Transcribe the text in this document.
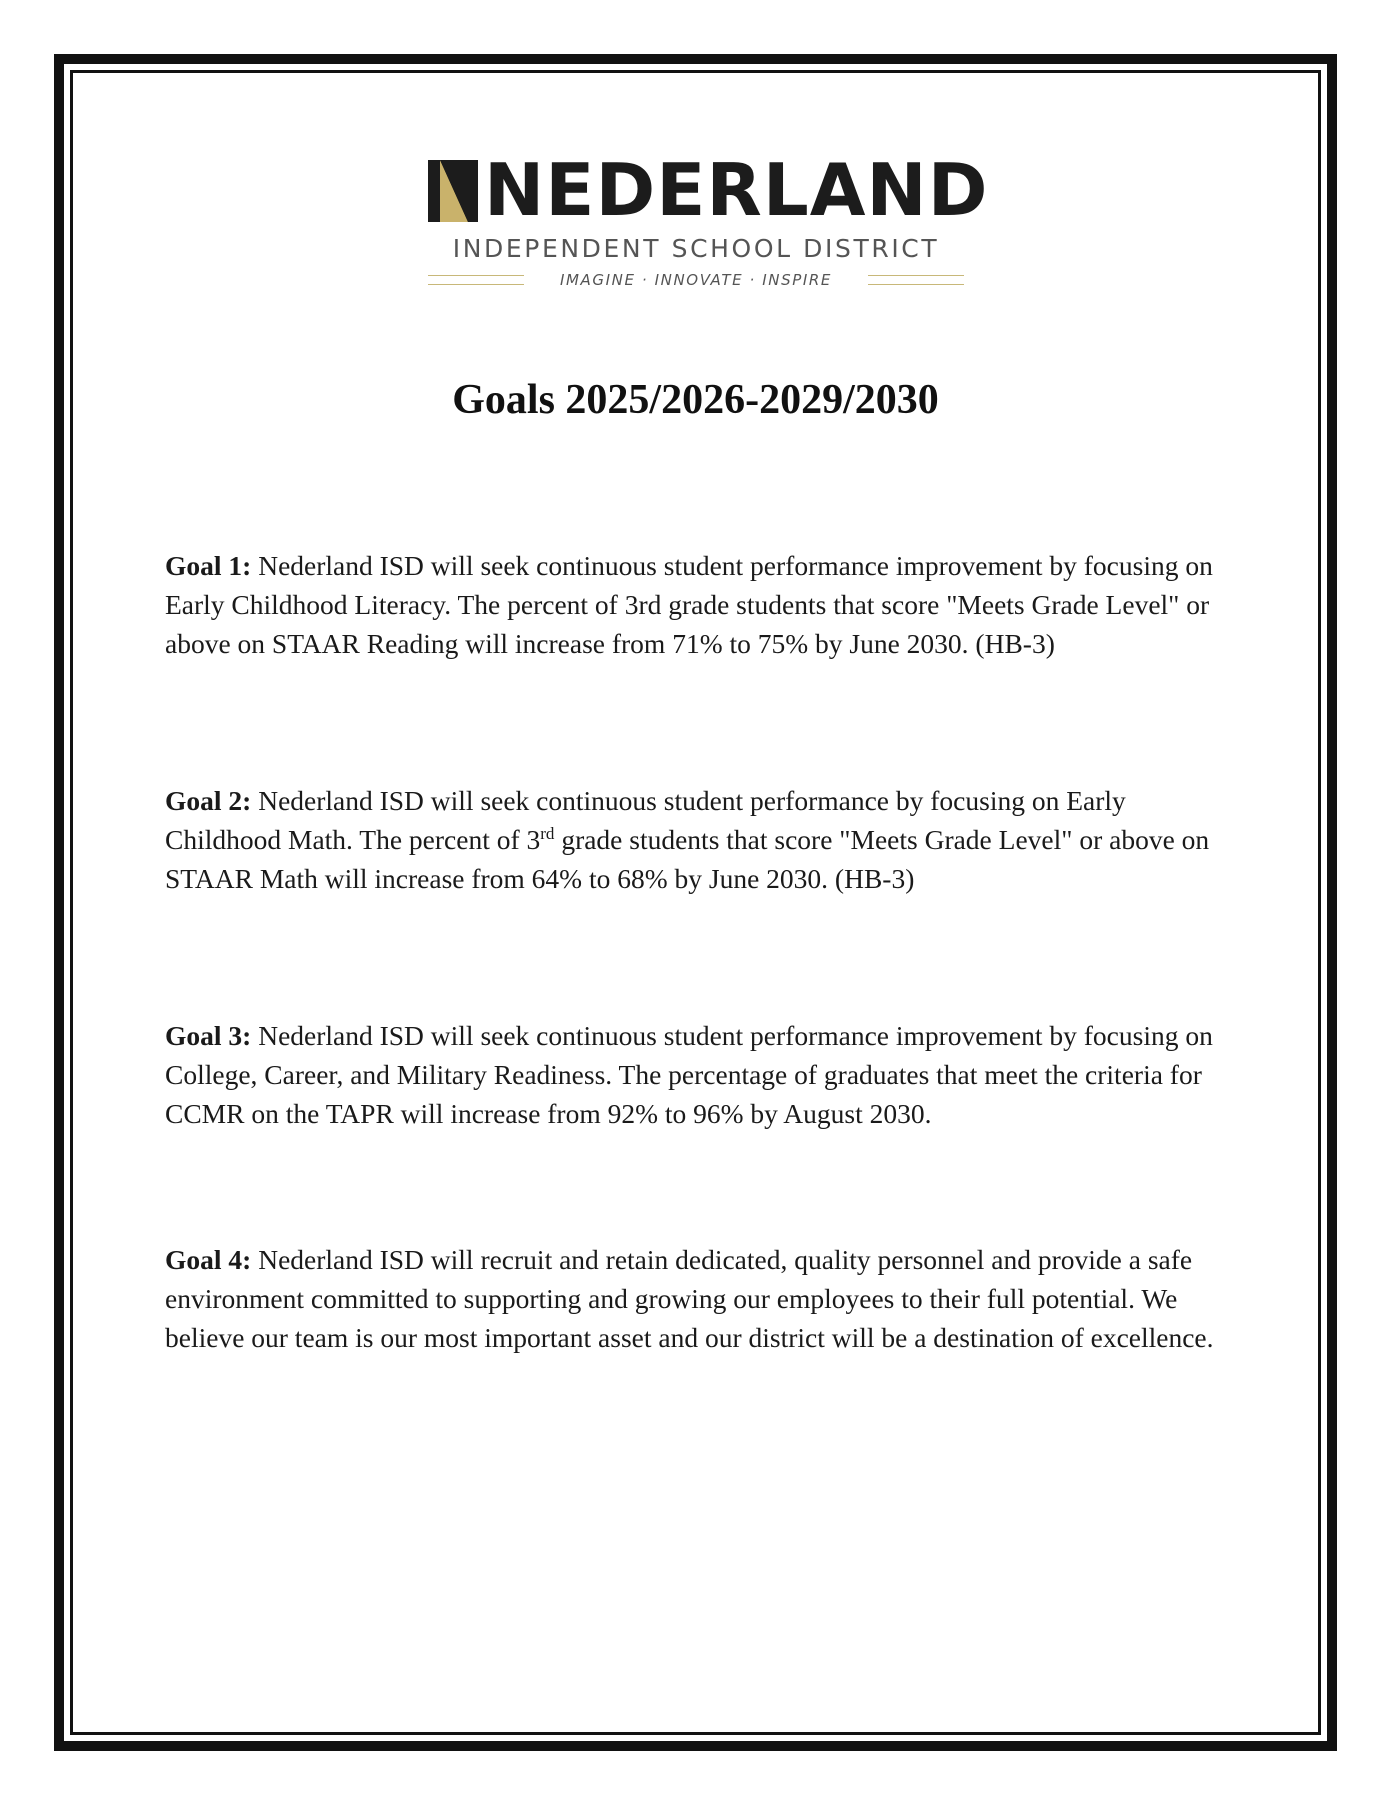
NEDERLAND
INDEPENDENT SCHOOL DISTRICT
IMAGINE · INNOVATE · INSPIRE
Goals 2025/2026-2029/2030

Goal 1: Nederland ISD will seek continuous student performance improvement by focusing on Early Childhood Literacy. The percent of 3rd grade students that score "Meets Grade Level" or above on STAAR Reading will increase from 71% to 75% by June 2030. (HB-3)

Goal 2: Nederland ISD will seek continuous student performance by focusing on Early Childhood Math. The percent of 3rd grade students that score "Meets Grade Level" or above on STAAR Math will increase from 64% to 68% by June 2030. (HB-3)

Goal 3: Nederland ISD will seek continuous student performance improvement by focusing on College, Career, and Military Readiness. The percentage of graduates that meet the criteria for CCMR on the TAPR will increase from 92% to 96% by August 2030.

Goal 4: Nederland ISD will recruit and retain dedicated, quality personnel and provide a safe environment committed to supporting and growing our employees to their full potential. We believe our team is our most important asset and our district will be a destination of excellence.
